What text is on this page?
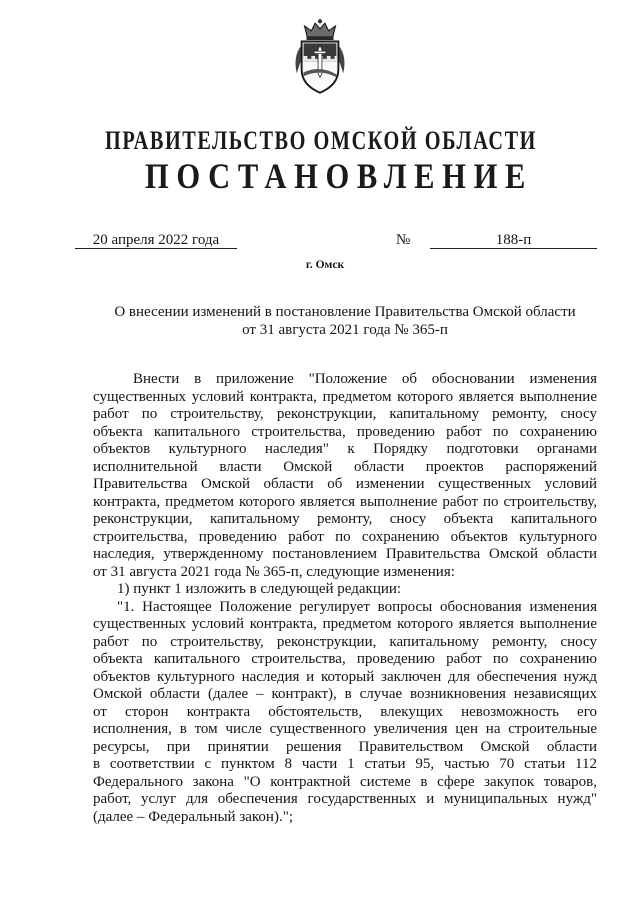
ПРАВИТЕЛЬСТВО ОМСКОЙ ОБЛАСТИ
ПОСТАНОВЛЕНИЕ
20 апреля 2022 года	№	188-п
г. Омск
О внесении изменений в постановление Правительства Омской области
от 31 августа 2021 года № 365-п
Внести в приложение "Положение об обосновании изменения
существенных условий контракта, предметом которого является выполнение
работ по строительству, реконструкции, капитальному ремонту, сносу
объекта капитального строительства, проведению работ по сохранению
объектов культурного наследия" к Порядку подготовки органами
исполнительной власти Омской области проектов распоряжений
Правительства Омской области об изменении существенных условий
контракта, предметом которого является выполнение работ по строительству,
реконструкции, капитальному ремонту, сносу объекта капитального
строительства, проведению работ по сохранению объектов культурного
наследия, утвержденному постановлением Правительства Омской области
от 31 августа 2021 года № 365-п, следующие изменения:
1) пункт 1 изложить в следующей редакции:
"1. Настоящее Положение регулирует вопросы обоснования изменения
существенных условий контракта, предметом которого является выполнение
работ по строительству, реконструкции, капитальному ремонту, сносу
объекта капитального строительства, проведению работ по сохранению
объектов культурного наследия и который заключен для обеспечения нужд
Омской области (далее – контракт), в случае возникновения независящих
от сторон контракта обстоятельств, влекущих невозможность его
исполнения, в том числе существенного увеличения цен на строительные
ресурсы, при принятии решения Правительством Омской области
в соответствии с пунктом 8 части 1 статьи 95, частью 70 статьи 112
Федерального закона "О контрактной системе в сфере закупок товаров,
работ, услуг для обеспечения государственных и муниципальных нужд"
(далее – Федеральный закон).";
